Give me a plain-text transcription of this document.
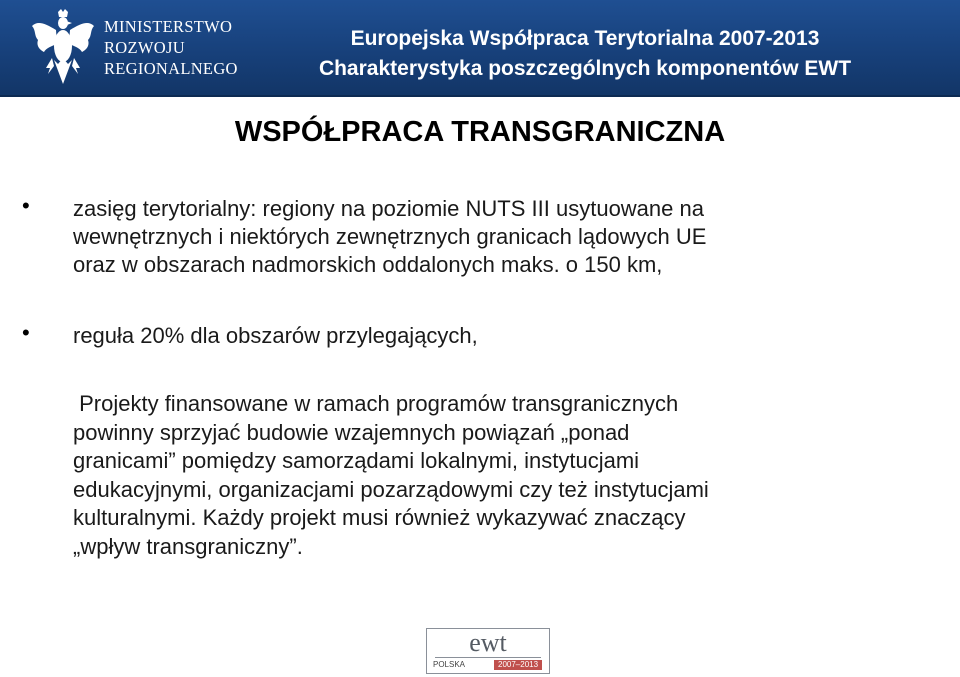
MINISTERSTWO
ROZWOJU
REGIONALNEGO
Europejska Współpraca Terytorialna 2007-2013
Charakterystyka poszczególnych komponentów EWT
WSPÓŁPRACA TRANSGRANICZNA
• zasięg terytorialny: regiony na poziomie NUTS III usytuowane na
wewnętrznych i niektórych zewnętrznych granicach lądowych UE
oraz w obszarach nadmorskich oddalonych maks. o 150 km,
• reguła 20% dla obszarów przylegających,
Projekty finansowane w ramach programów transgranicznych
powinny sprzyjać budowie wzajemnych powiązań „ponad
granicami” pomiędzy samorządami lokalnymi, instytucjami
edukacyjnymi, organizacjami pozarządowymi czy też instytucjami
kulturalnymi. Każdy projekt musi również wykazywać znaczący
„wpływ transgraniczny”.
ewt
POLSKA	2007–2013
